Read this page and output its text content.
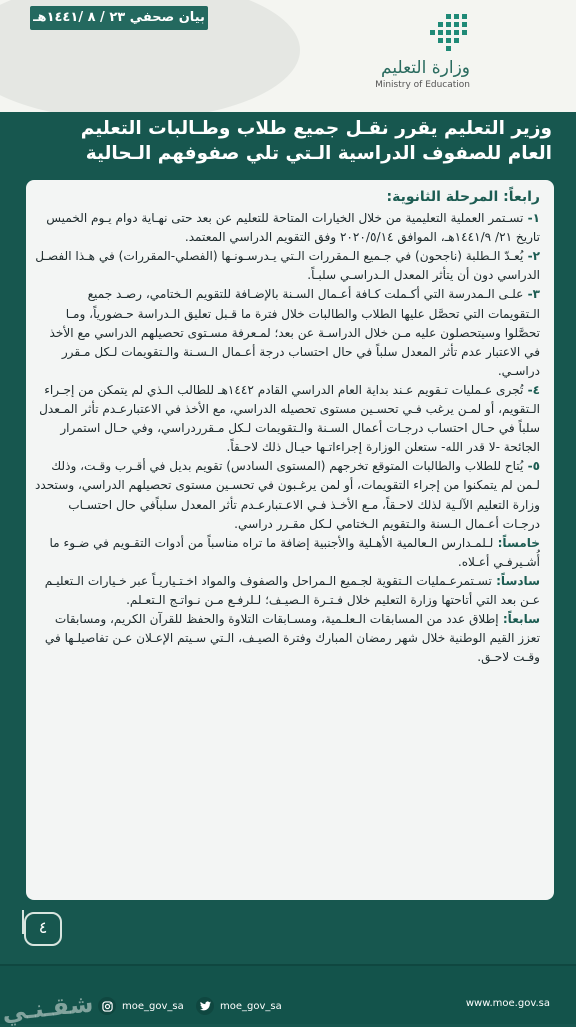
بيان صحفي ٢٣ / ٨ /١٤٤١هـ
وزارة التعليم
Ministry of Education
وزير التعليم يقرر نقـل جميع طلاب وطـالبات التعليم
العام للصفوف الدراسية الـتي تلي صفوفهم الـحالية

رابعاً: المرحلة الثانوية:

١- تسـتمر العملية التعليمية من خلال الخيارات المتاحة للتعليم عن بعد حتى نهـاية دوام يـوم الخميس تاريخ ٢١/ ١٤٤١/٩هـ، الموافق ٢٠٢٠/٥/١٤ وفق التقويم الدراسي المعتمد.

٢- يُعـدّ الـطلبة (ناجحون) في جـميع الـمقررات الـتي يـدرسـونـها (الفصلي-المقررات) في هـذا الفصـل الدراسي دون أن يتأثر المعدل الـدراسـي سلبـاً.

٣- علـى الـمدرسة التي أكـملت كـافة أعـمال السـنة بالإضـافة للتقويم الـختامي، رصـد جميع الـتقويمات التي تحصَّل عليها الطلاب والطالبات خلال فترة ما قـبل تعليق الـدراسة حـضورياً، ومـا تحصَّلوا وسيتحصلون عليه مـن خلال الدراسـة عن بعد؛ لمـعرفة مسـتوى تحصيلهم الدراسي مع الأخذ في الاعتبار عدم تأثر المعدل سلباً في حال احتساب درجة أعـمال الـسـنة والـتقويمات لـكل مـقرر دراسـي.

٤- تُجرى عـمليات تـقويم عـند بداية العام الدراسي القادم ١٤٤٢هـ للطالب الـذي لم يتمكن من إجـراء الـتقويم، أو لمـن يرغب فـي تحسـين مستوى تحصيله الدراسي، مع الأخذ في الاعتبارعـدم تأثر المـعدل سلباً في حـال احتساب درجـات أعمال السـنة والـتقويمات لـكل مـقرردراسي، وفي حـال استمرار الجائحة -لا قدر الله- ستعلن الوزارة إجراءاتـها حيـال ذلك لاحـقاً.

٥- يُتاح للطلاب والطالبات المتوقع تخرجهم (المستوى السادس) تقويم بديل في أقـرب وقـت، وذلك لـمن لم يتمكنوا من إجراء التقويمات، أو لمن يرغـبون في تحسـين مستوى تحصيلهم الدراسي، وستحدد وزارة التعليم الآلـية لذلك لاحـقاً، مـع الأخـذ فـي الاعـتبارعـدم تأثر المعدل سلباًفي حال احتسـاب درجـات أعـمال الـسنة والـتقويم الـختامي لـكل مقـرر دراسي.

خامساً: لـلمـدارس الـعالمية الأهـلية والأجنبية إضافة ما تراه مناسباً من أدوات التقـويم في ضـوء ما أُشـيرفـي أعـلاه.

سادساً: تسـتمرعـمليات الـتقوية لجـميع الـمراحل والصفوف والمواد اخـتـياريـاً عبر خـيارات الـتعليـم عـن بعد التي أتاحتها وزارة التعليم خلال فـتـرة الـصيـف؛ لـلرفـع مـن نـواتـج الـتعـلم.

سابعاً: إطلاق عدد من المسابقات الـعلـمية، ومسـابقات التلاوة والحفظ للقرآن الكريم، ومسابقات تعزز القيم الوطنية خلال شهر رمضان المبارك وفترة الصيـف، الـتي سـيتم الإعـلان عـن تفاصيلـها في وقـت لاحـق.

٤
moe_gov_sa	moe_gov_sa	www.moe.gov.sa
شقـنـي
